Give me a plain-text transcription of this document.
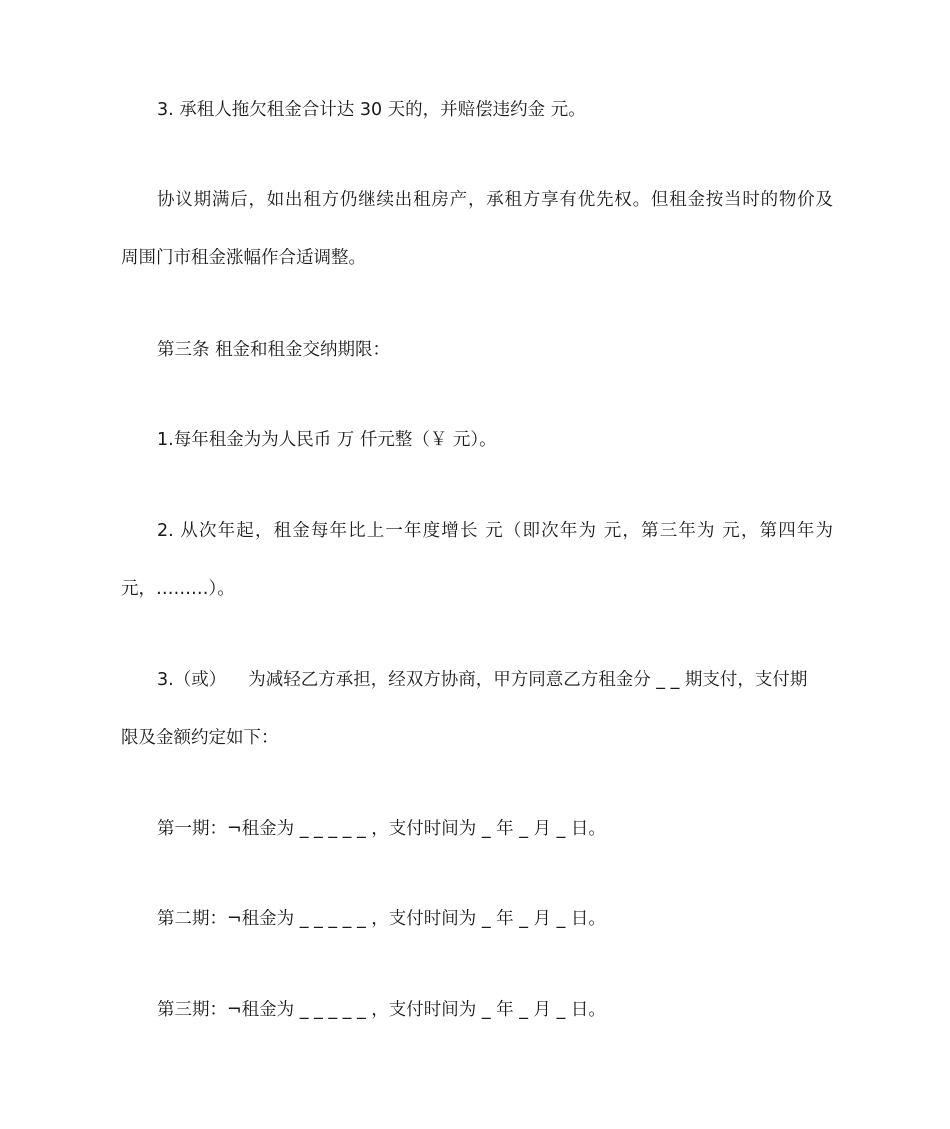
3. 承租人拖欠租金合计达 30 天的，并赔偿违约金 元。
协议期满后，如出租方仍继续出租房产，承租方享有优先权。但租金按当时的物价及
周围门市租金涨幅作合适调整。
第三条 租金和租金交纳期限：
1.每年租金为为人民币 万 仟元整（￥ 元）。
2. 从次年起，租金每年比上一年度增长 元（即次年为 元，第三年为 元，第四年为
元，………）。
3.（或） 为减轻乙方承担，经双方协商，甲方同意乙方租金分 _ _ 期支付，支付期
限及金额约定如下：
第一期：¬租金为 _ _ _ _ _ ，支付时间为 _ 年 _ 月 _ 日。
第二期：¬租金为 _ _ _ _ _ ，支付时间为 _ 年 _ 月 _ 日。
第三期：¬租金为 _ _ _ _ _ ，支付时间为 _ 年 _ 月 _ 日。
